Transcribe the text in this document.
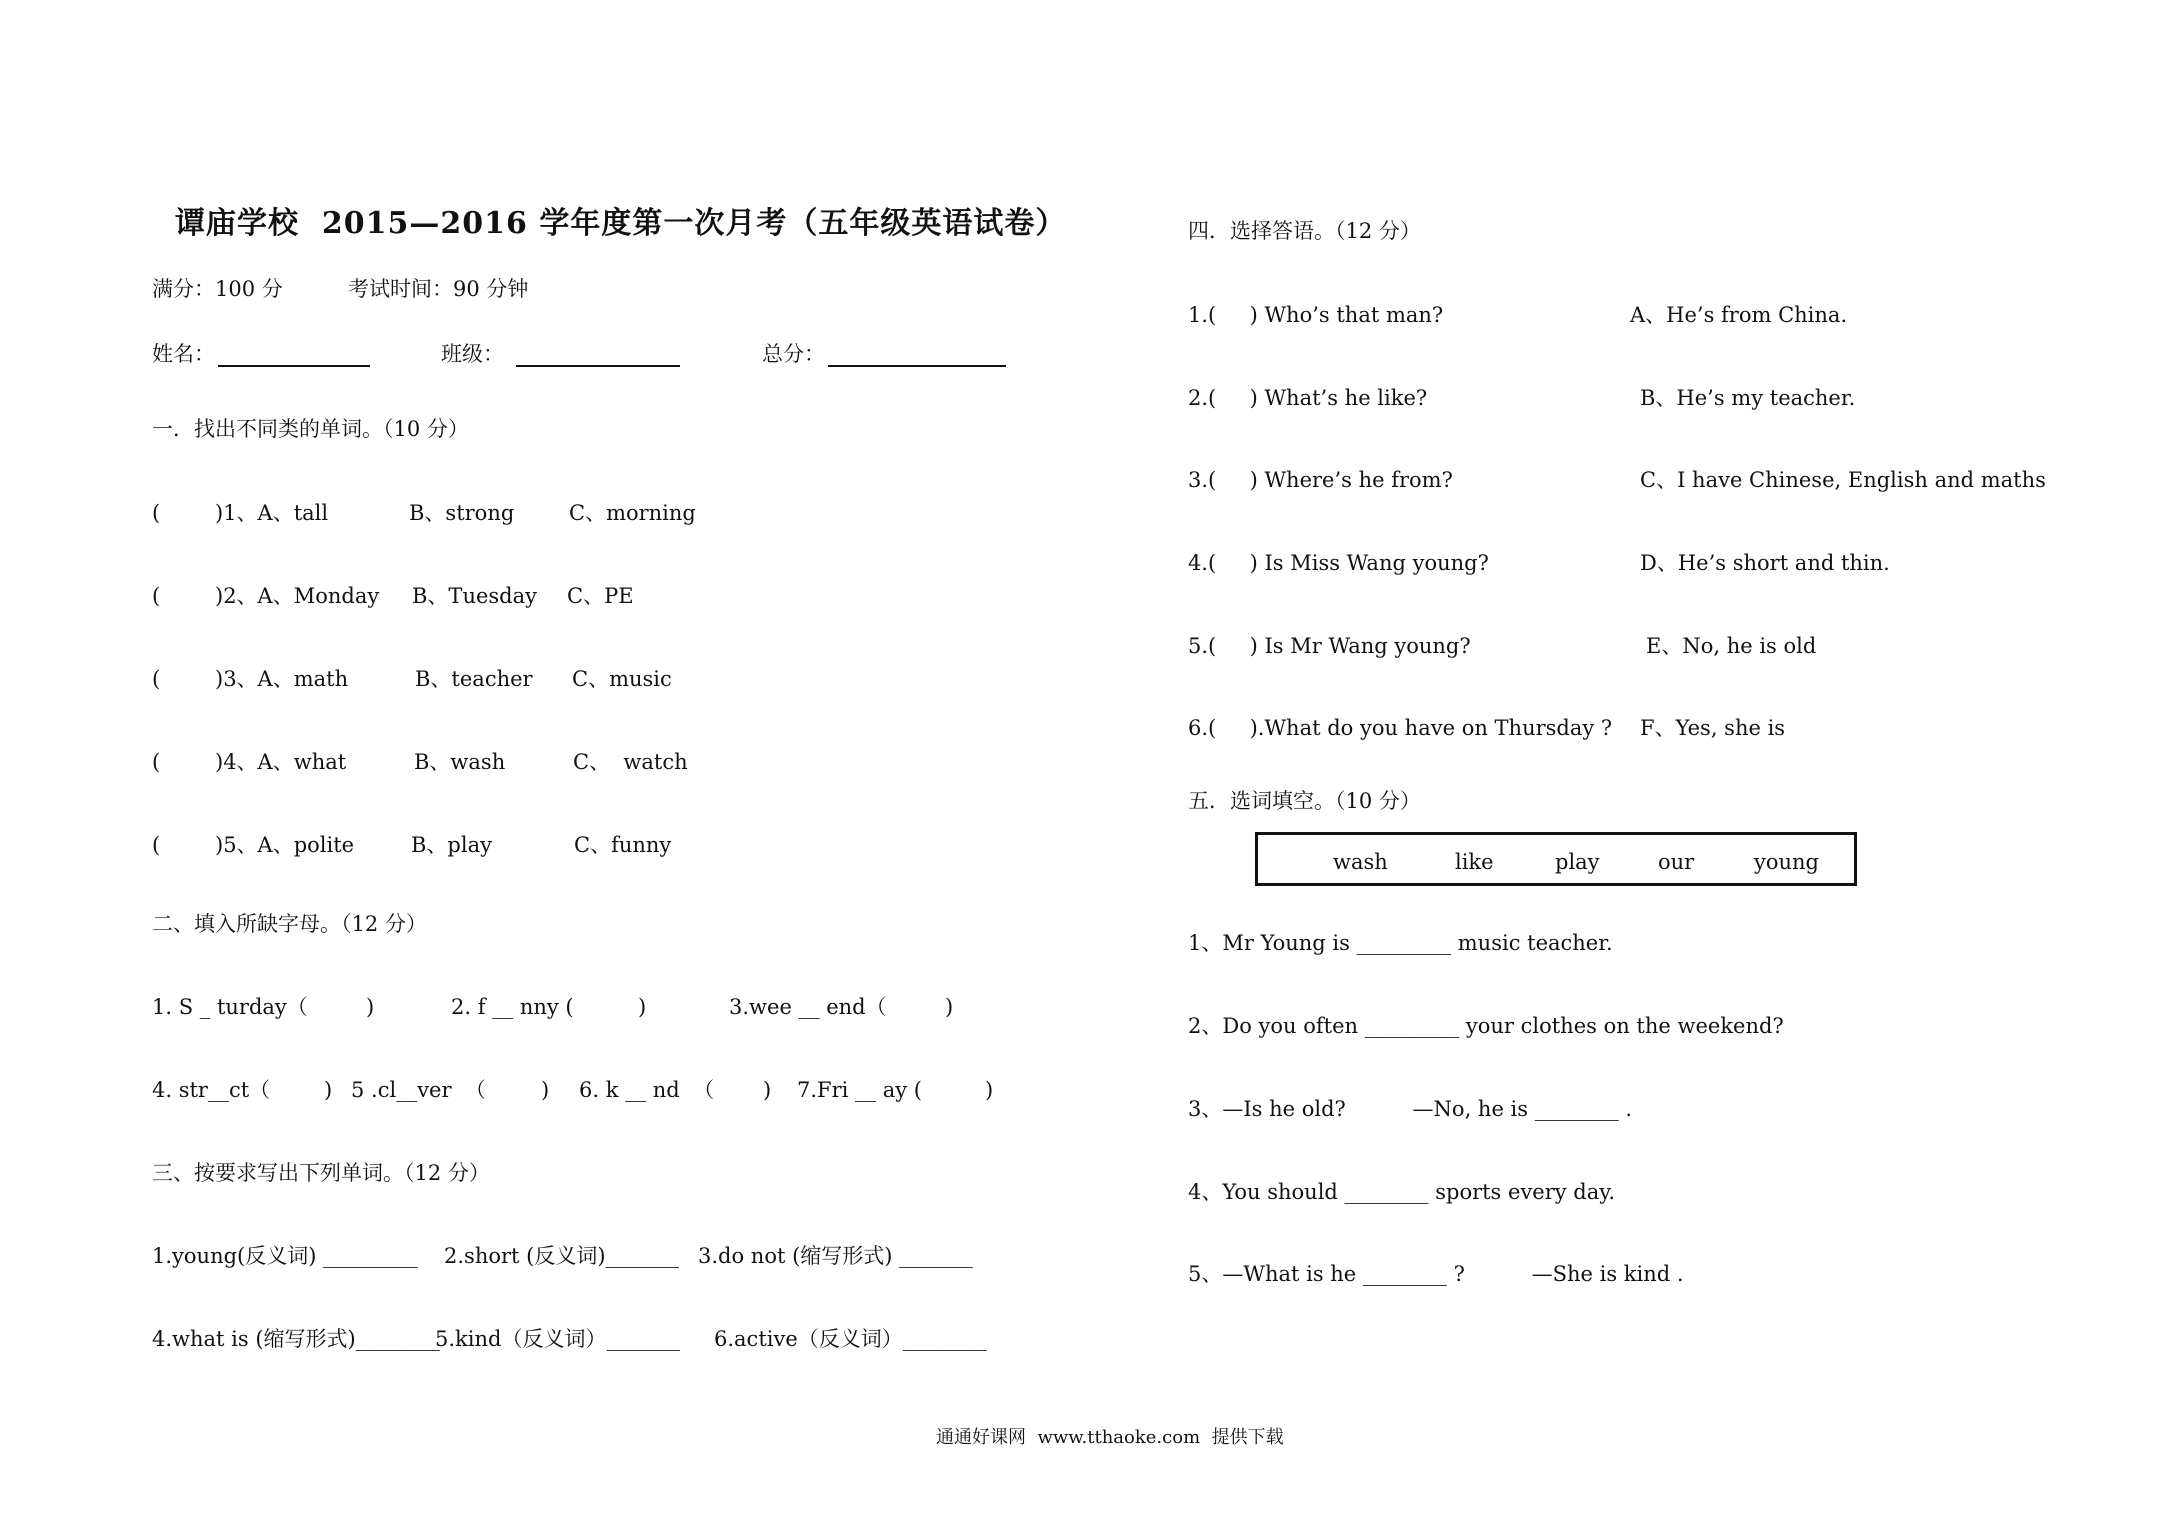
谭庙学校  2015—2016 学年度第一次月考（五年级英语试卷）
满分：100 分	考试时间：90 分钟
姓名：	班级：	总分：
一．找出不同类的单词。（10 分）
(	)1、A、tall	B、strong	C、morning
(	)2、A、Monday B、Tuesday C、PE
(	)3、A、math	B、teacher C、music
(	)4、A、what	B、wash	C、  watch
(	)5、A、polite	B、play	C、funny
二、填入所缺字母。（12 分）
1. S _ turday（	)	2. f __ nny (	)	3.wee __ end（	)
4. str__ct（	) 5 .cl__ver  （	) 6. k __ nd  （ ) 7.Fri __ ay (	)
三、按要求写出下列单词。（12 分）
1.young(反义词) _________ 2.short (反义词)_______ 3.do not (缩写形式) _______
4.what is (缩写形式)________
5.kind（反义词）_______ 6.active（反义词）________
四．选择答语。（12 分）
1.(     ) Who’s that man?	A、He’s from China.
2.(     ) What’s he like?	B、He’s my teacher.
3.(     ) Where’s he from?	C、I have Chinese, English and maths
4.(     ) Is Miss Wang young?	D、He’s short and thin.
5.(     ) Is Mr Wang young?	E、No, he is old
6.(     ).What do you have on Thursday ? F、Yes, she is
五．选词填空。（10 分）
wash	like	play	our	young
1、Mr Young is _________ music teacher.
2、Do you often _________ your clothes on the weekend?
3、—Is he old?          —No, he is ________ .
4、You should ________ sports every day.
5、—What is he ________ ?          —She is kind .
通通好课网  www.tthaoke.com  提供下载
